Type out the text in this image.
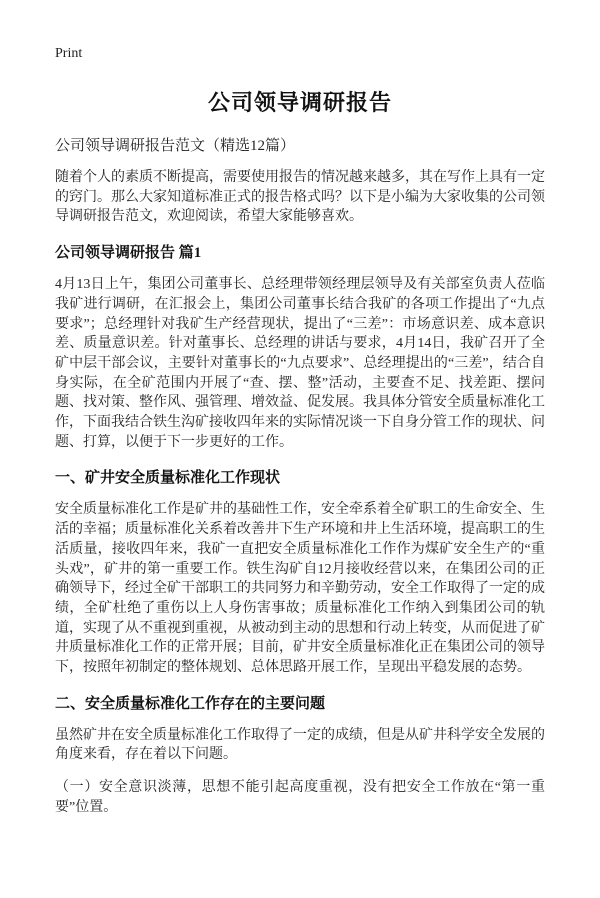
Print
公司领导调研报告

公司领导调研报告范文（精选12篇）

随着个人的素质不断提高，需要使用报告的情况越来越多，其在写作上具有一定的窍门。那么大家知道标准正式的报告格式吗？以下是小编为大家收集的公司领导调研报告范文，欢迎阅读，希望大家能够喜欢。

公司领导调研报告 篇1

4月13日上午，集团公司董事长、总经理带领经理层领导及有关部室负责人莅临我矿进行调研，在汇报会上，集团公司董事长结合我矿的各项工作提出了“九点要求”；总经理针对我矿生产经营现状，提出了“三差”：市场意识差、成本意识差、质量意识差。针对董事长、总经理的讲话与要求，4月14日，我矿召开了全矿中层干部会议，主要针对董事长的“九点要求”、总经理提出的“三差”，结合自身实际，在全矿范围内开展了“查、摆、整”活动，主要查不足、找差距、摆问题、找对策、整作风、强管理、增效益、促发展。我具体分管安全质量标准化工作，下面我结合铁生沟矿接收四年来的实际情况谈一下自身分管工作的现状、问题、打算，以便于下一步更好的工作。

一、矿井安全质量标准化工作现状

安全质量标准化工作是矿井的基础性工作，安全牵系着全矿职工的生命安全、生活的幸福；质量标准化关系着改善井下生产环境和井上生活环境，提高职工的生活质量，接收四年来，我矿一直把安全质量标准化工作作为煤矿安全生产的“重头戏”，矿井的第一重要工作。铁生沟矿自12月接收经营以来，在集团公司的正确领导下，经过全矿干部职工的共同努力和辛勤劳动，安全工作取得了一定的成绩，全矿杜绝了重伤以上人身伤害事故；质量标准化工作纳入到集团公司的轨道，实现了从不重视到重视，从被动到主动的思想和行动上转变，从而促进了矿井质量标准化工作的正常开展；目前，矿井安全质量标准化正在集团公司的领导下，按照年初制定的整体规划、总体思路开展工作，呈现出平稳发展的态势。

二、安全质量标准化工作存在的主要问题

虽然矿井在安全质量标准化工作取得了一定的成绩，但是从矿井科学安全发展的角度来看，存在着以下问题。

（一）安全意识淡薄，思想不能引起高度重视，没有把安全工作放在“第一重要”位置。
